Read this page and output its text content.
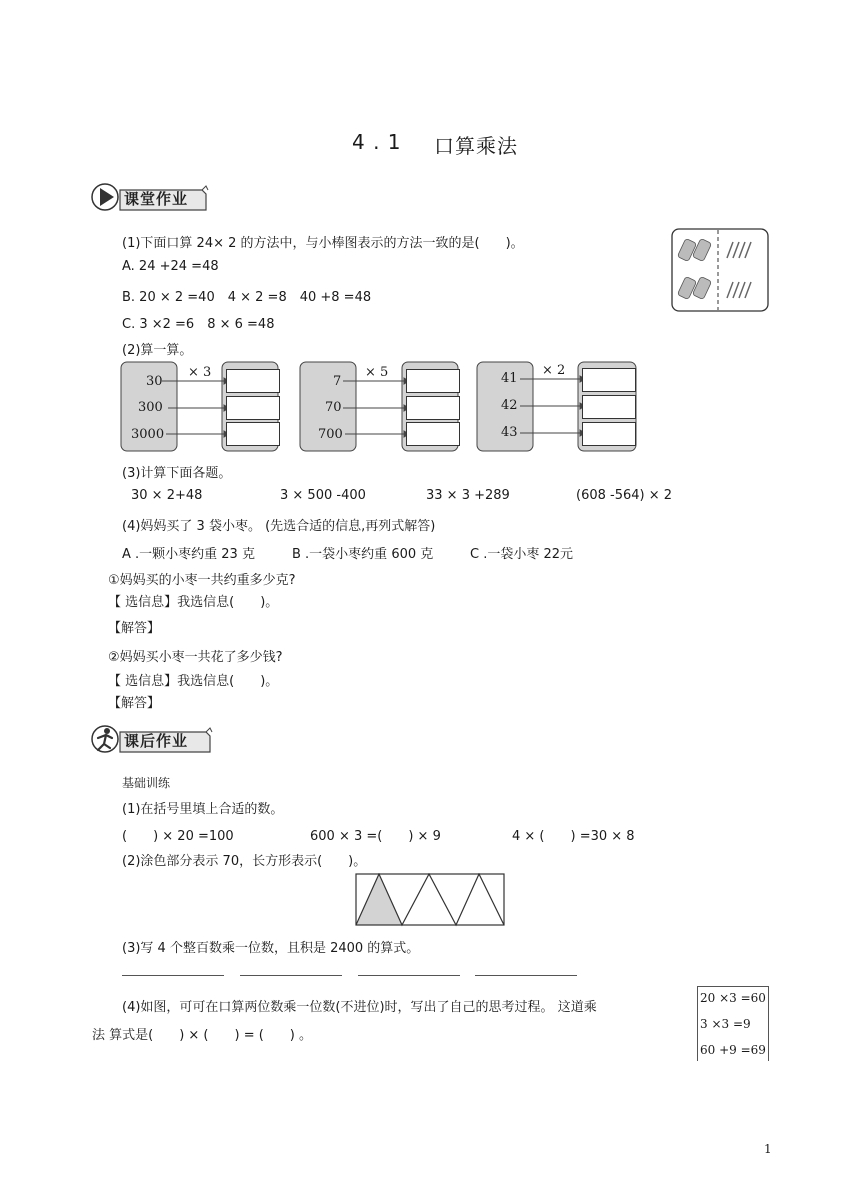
4 . 1 口算乘法
课堂作业
(1)下面口算 24× 2 的方法中，与小棒图表示的方法一致的是(　　)。
A. 24 +24 =48
B. 20 × 2 =40　4 × 2 =8　40 +8 =48
C. 3 ×2 =6　8 × 6 =48
(2)算一算。
× 3
30
300
3000
× 5
7
70
700
× 2
41
42
43
(3)计算下面各题。
30 × 2+48	3 × 500 -400	33 × 3 +289	(608 -564) × 2
(4)妈妈买了 3 袋小枣。 (先选合适的信息,再列式解答)
A .一颗小枣约重 23 克	B .一袋小枣约重 600 克	C .一袋小枣 22元
①妈妈买的小枣一共约重多少克?
【 选信息】我选信息(　　)。
【解答】
②妈妈买小枣一共花了多少钱?
【 选信息】我选信息(　　)。
【解答】
课后作业
基础训练
(1)在括号里填上合适的数。
(　　) × 20 =100	600 × 3 =(　　) × 9	4 × (　　) =30 × 8
(2)涂色部分表示 70，长方形表示(　　)。
(3)写 4 个整百数乘一位数，且积是 2400 的算式。
(4)如图，可可在口算两位数乘一位数(不进位)时，写出了自己的思考过程。 这道乘
法 算式是(　　) × (　　) = (　　) 。
20 ×3 =60
3 ×3 =9
60 +9 =69
1
